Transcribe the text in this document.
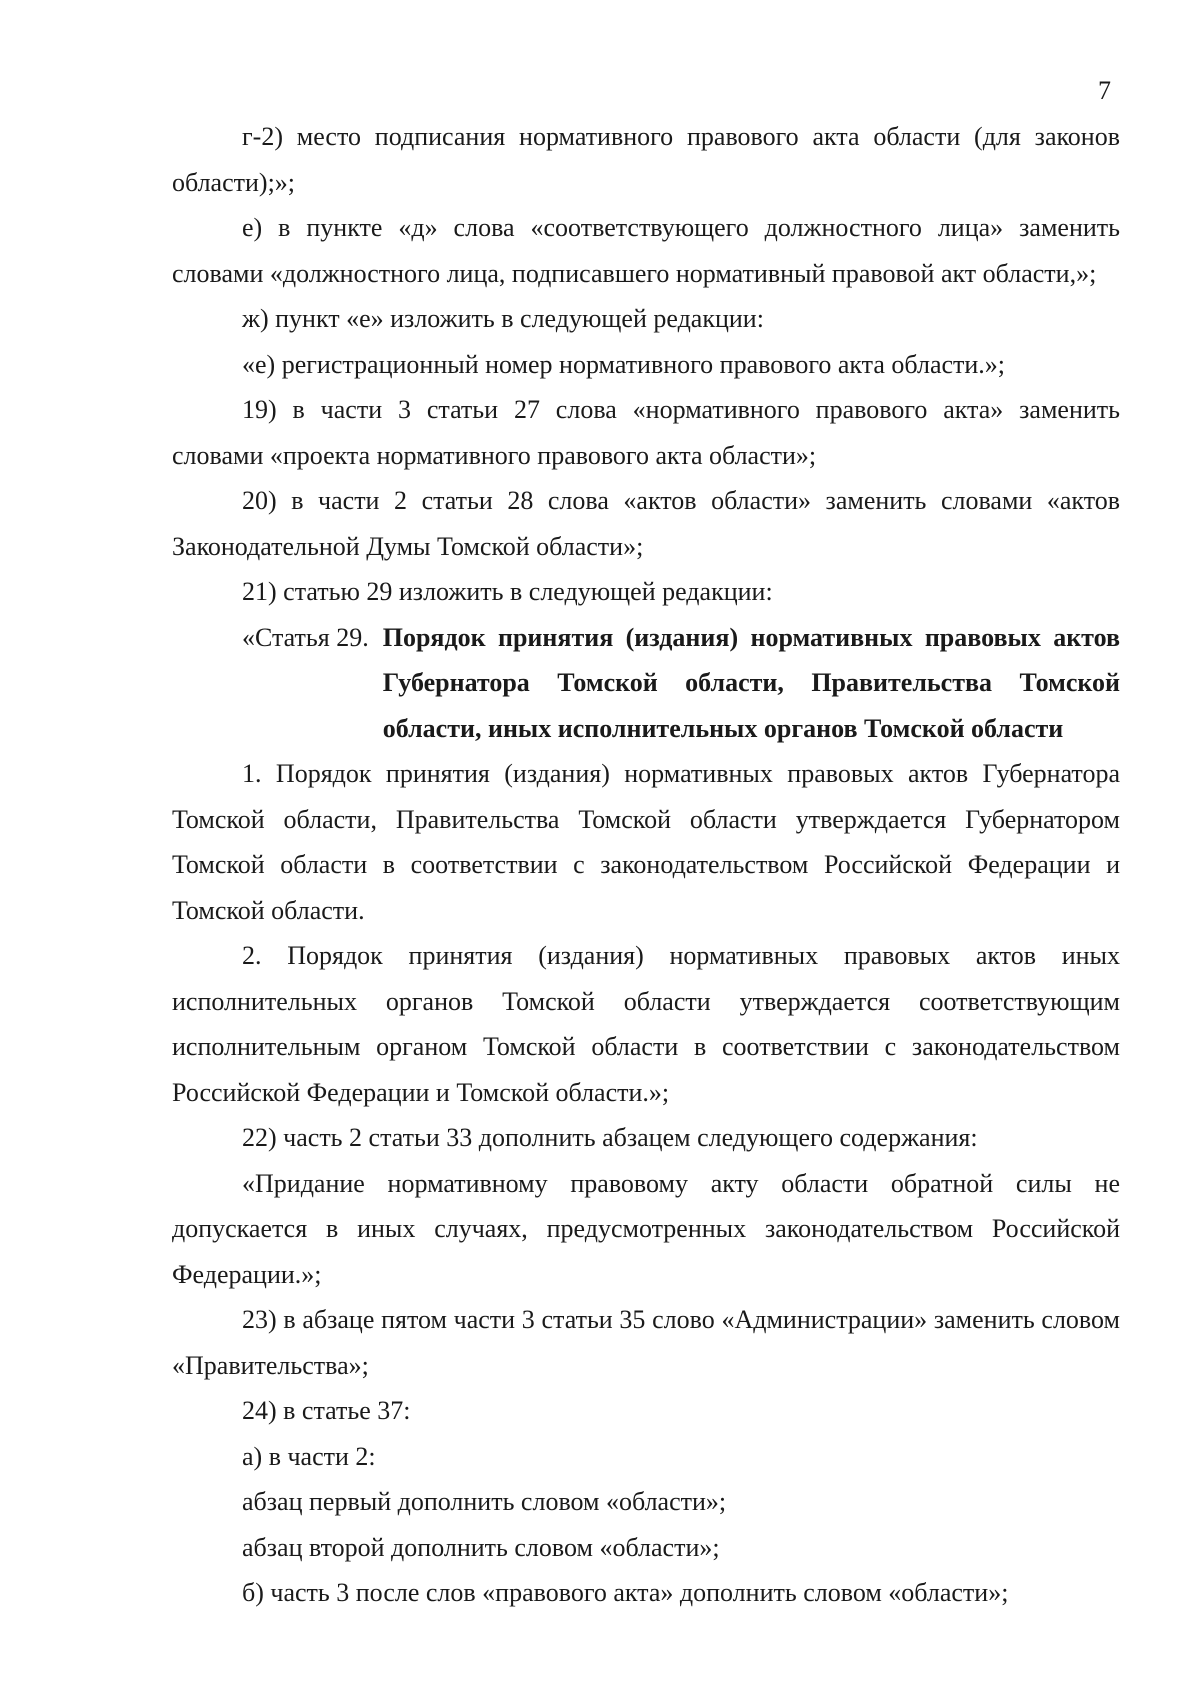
7

г-2) место подписания нормативного правового акта области (для законов области);»;

е) в пункте «д» слова «соответствующего должностного лица» заменить словами «должностного лица, подписавшего нормативный правовой акт области,»;

ж) пункт «е» изложить в следующей редакции:

«е) регистрационный номер нормативного правового акта области.»;

19) в части 3 статьи 27 слова «нормативного правового акта» заменить словами «проекта нормативного правового акта области»;

20) в части 2 статьи 28 слова «актов области» заменить словами «актов Законодательной Думы Томской области»;

21) статью 29 изложить в следующей редакции:

«Статья 29. Порядок принятия (издания) нормативных правовых актов Губернатора Томской области, Правительства Томской области, иных исполнительных органов Томской области

1. Порядок принятия (издания) нормативных правовых актов Губернатора Томской области, Правительства Томской области утверждается Губернатором Томской области в соответствии с законодательством Российской Федерации и Томской области.

2. Порядок принятия (издания) нормативных правовых актов иных исполнительных органов Томской области утверждается соответствующим исполнительным органом Томской области в соответствии с законодательством Российской Федерации и Томской области.»;

22) часть 2 статьи 33 дополнить абзацем следующего содержания:

«Придание нормативному правовому акту области обратной силы не допускается в иных случаях, предусмотренных законодательством Российской Федерации.»;

23) в абзаце пятом части 3 статьи 35 слово «Администрации» заменить словом «Правительства»;

24) в статье 37:

а) в части 2:

абзац первый дополнить словом «области»;

абзац второй дополнить словом «области»;

б) часть 3 после слов «правового акта» дополнить словом «области»;
